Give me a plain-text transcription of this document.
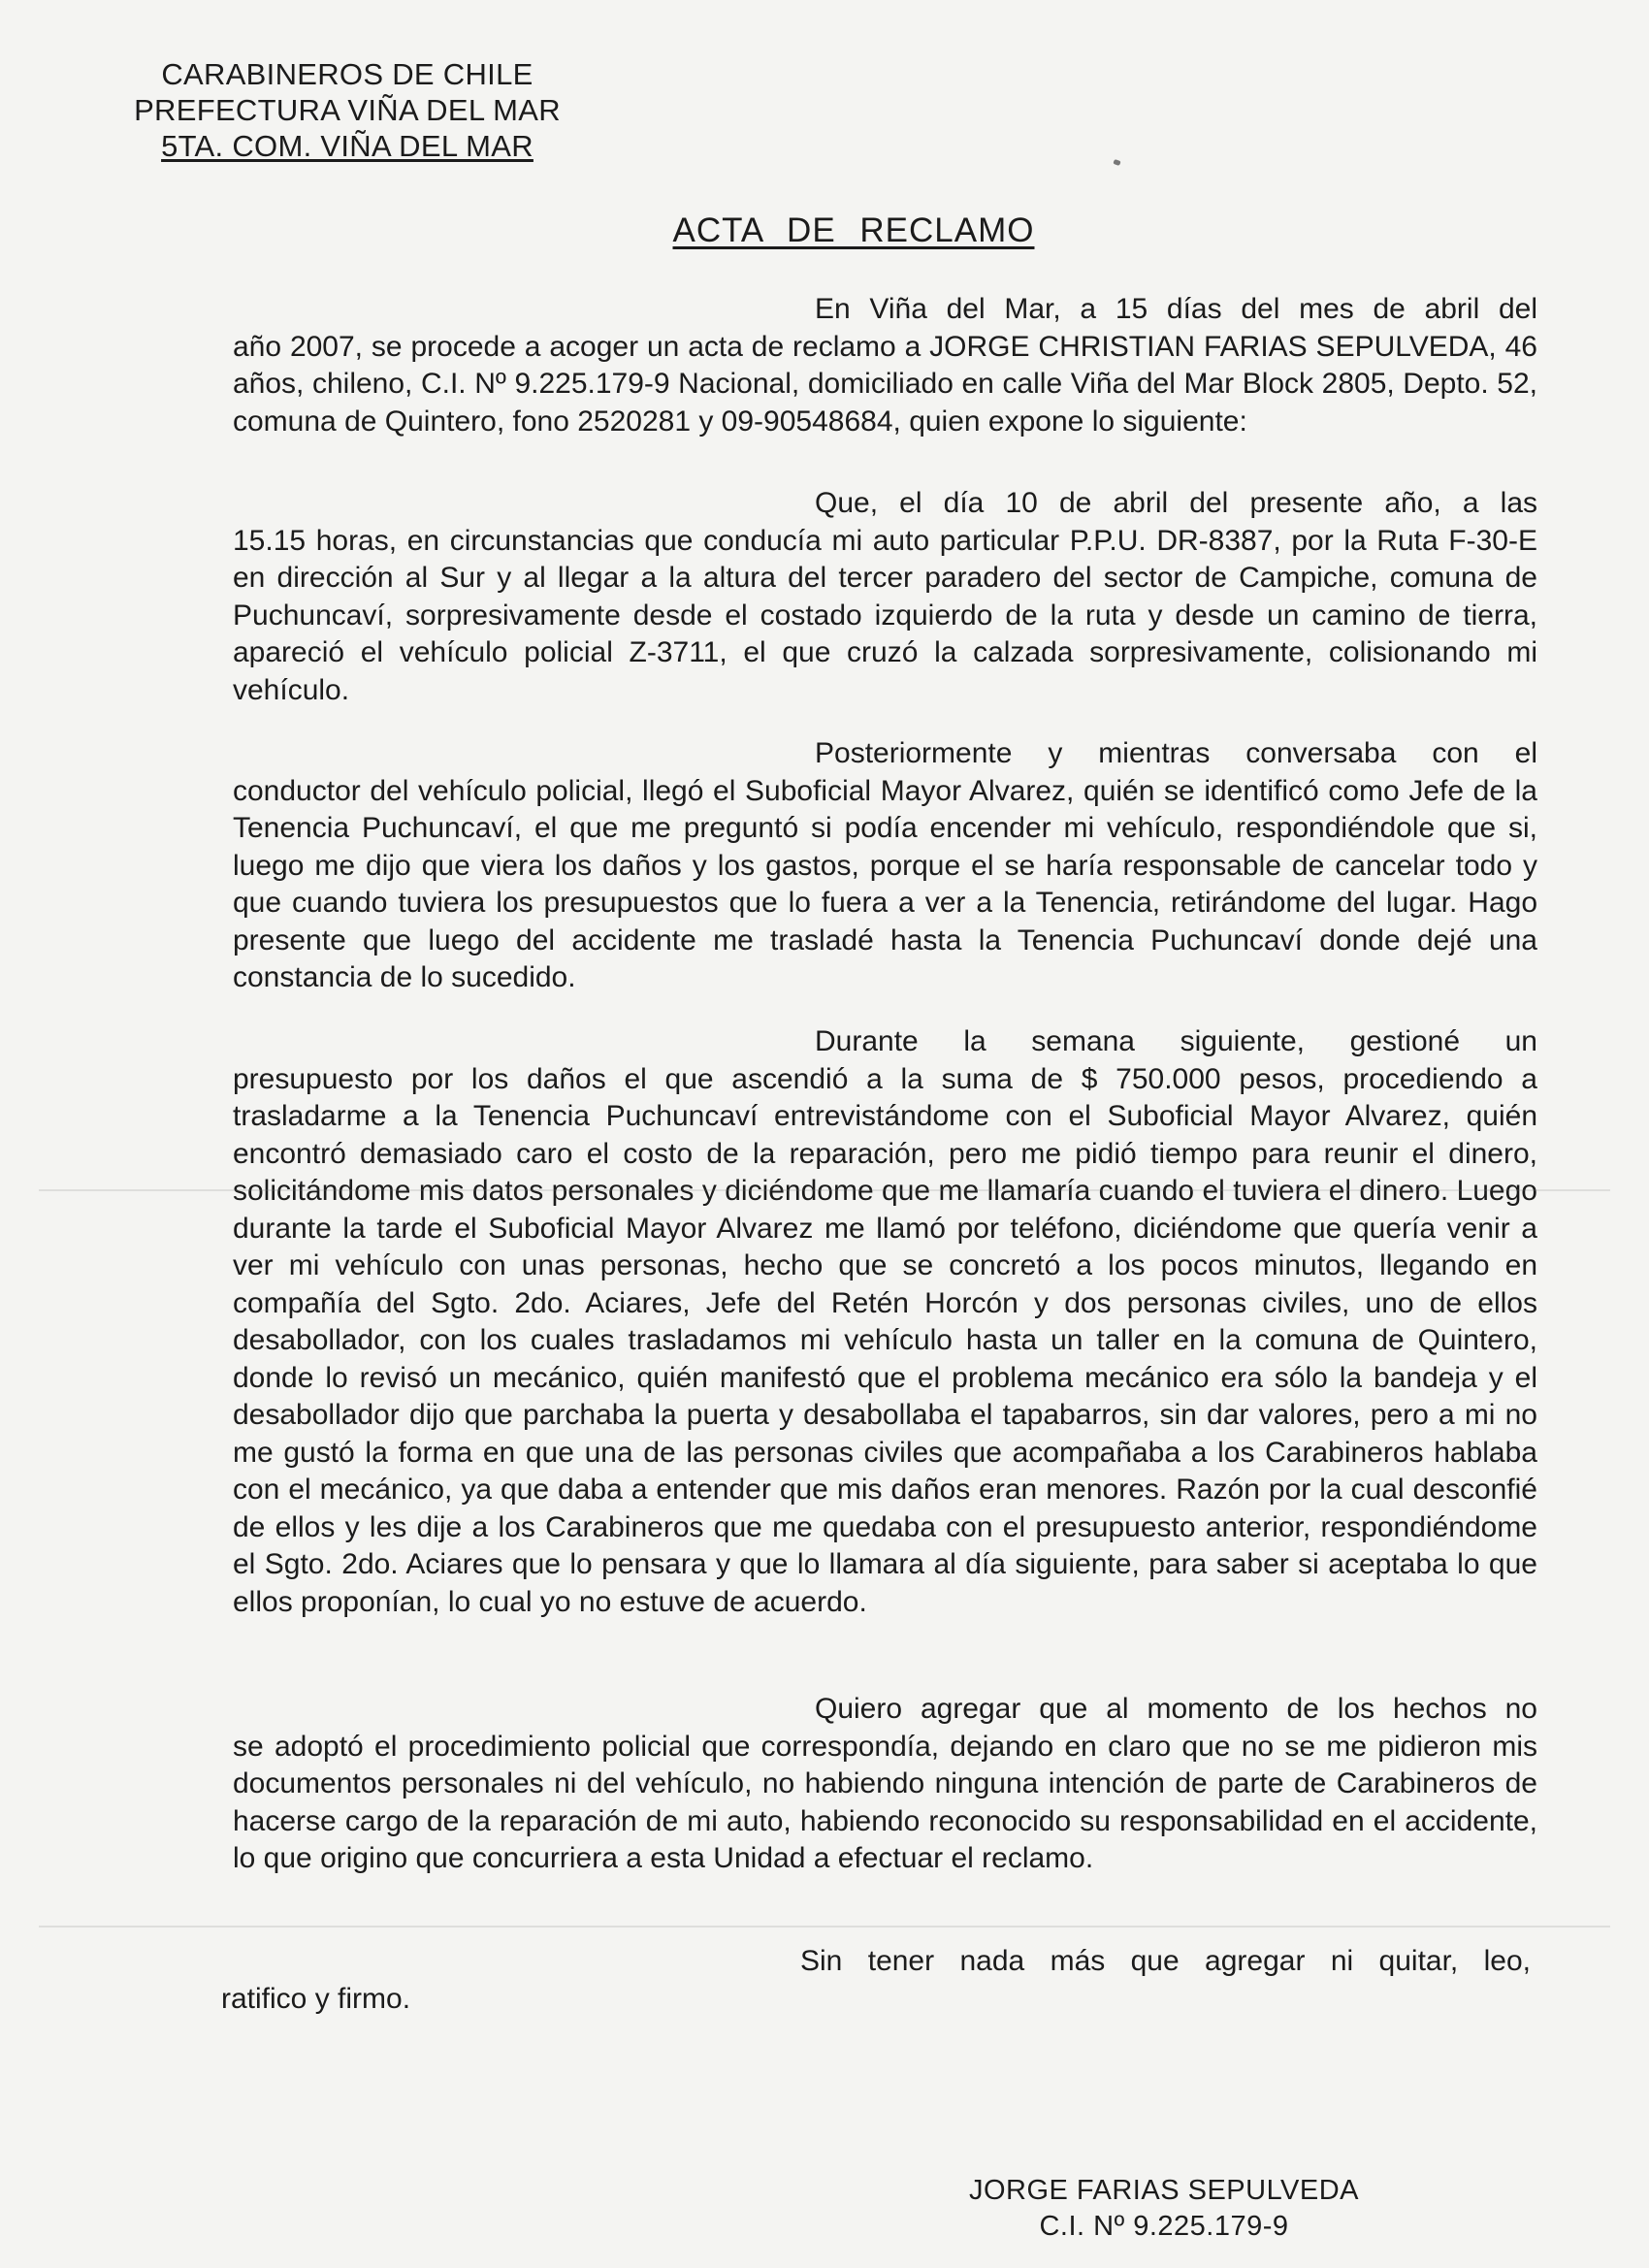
CARABINEROS DE CHILE
PREFECTURA VIÑA DEL MAR
5TA. COM. VIÑA DEL MAR
ACTA DE RECLAMO
En Viña del Mar, a 15 días del mes de abril del
año 2007, se procede a acoger un acta de reclamo a JORGE CHRISTIAN FARIAS SEPULVEDA, 46 años, chileno, C.I. Nº 9.225.179-9 Nacional, domiciliado en calle Viña del Mar Block 2805, Depto. 52, comuna de Quintero, fono 2520281 y 09-90548684, quien expone lo siguiente:
Que, el día 10 de abril del presente año, a las
15.15 horas, en circunstancias que conducía mi auto particular P.P.U. DR-8387, por la Ruta F-30-E en dirección al Sur y al llegar a la altura del tercer paradero del sector de Campiche, comuna de Puchuncaví, sorpresivamente desde el costado izquierdo de la ruta y desde un camino de tierra, apareció el vehículo policial Z-3711, el que cruzó la calzada sorpresivamente, colisionando mi vehículo.
Posteriormente y mientras conversaba con el
conductor del vehículo policial, llegó el Suboficial Mayor Alvarez, quién se identificó como Jefe de la Tenencia Puchuncaví, el que me preguntó si podía encender mi vehículo, respondiéndole que si, luego me dijo que viera los daños y los gastos, porque el se haría responsable de cancelar todo y que cuando tuviera los presupuestos que lo fuera a ver a la Tenencia, retirándome del lugar. Hago presente que luego del accidente me trasladé hasta la Tenencia Puchuncaví donde dejé una constancia de lo sucedido.
Durante la semana siguiente, gestioné un
presupuesto por los daños el que ascendió a la suma de $ 750.000 pesos, procediendo a trasladarme a la Tenencia Puchuncaví entrevistándome con el Suboficial Mayor Alvarez, quién encontró demasiado caro el costo de la reparación, pero me pidió tiempo para reunir el dinero, solicitándome mis datos personales y diciéndome que me llamaría cuando el tuviera el dinero. Luego durante la tarde el Suboficial Mayor Alvarez me llamó por teléfono, diciéndome que quería venir a ver mi vehículo con unas personas, hecho que se concretó a los pocos minutos, llegando en compañía del Sgto. 2do. Aciares, Jefe del Retén Horcón y dos personas civiles, uno de ellos desabollador, con los cuales trasladamos mi vehículo hasta un taller en la comuna de Quintero, donde lo revisó un mecánico, quién manifestó que el problema mecánico era sólo la bandeja y el desabollador dijo que parchaba la puerta y desabollaba el tapabarros, sin dar valores, pero a mi no me gustó la forma en que una de las personas civiles que acompañaba a los Carabineros hablaba con el mecánico, ya que daba a entender que mis daños eran menores. Razón por la cual desconfié de ellos y les dije a los Carabineros que me quedaba con el presupuesto anterior, respondiéndome el Sgto. 2do. Aciares que lo pensara y que lo llamara al día siguiente, para saber si aceptaba lo que ellos proponían, lo cual yo no estuve de acuerdo.
Quiero agregar que al momento de los hechos no
se adoptó el procedimiento policial que correspondía, dejando en claro que no se me pidieron mis documentos personales ni del vehículo, no habiendo ninguna intención de parte de Carabineros de hacerse cargo de la reparación de mi auto, habiendo reconocido su responsabilidad en el accidente, lo que origino que concurriera a esta Unidad a efectuar el reclamo.
Sin tener nada más que agregar ni quitar, leo,
ratifico y firmo.
JORGE FARIAS SEPULVEDA
C.I. Nº 9.225.179-9
